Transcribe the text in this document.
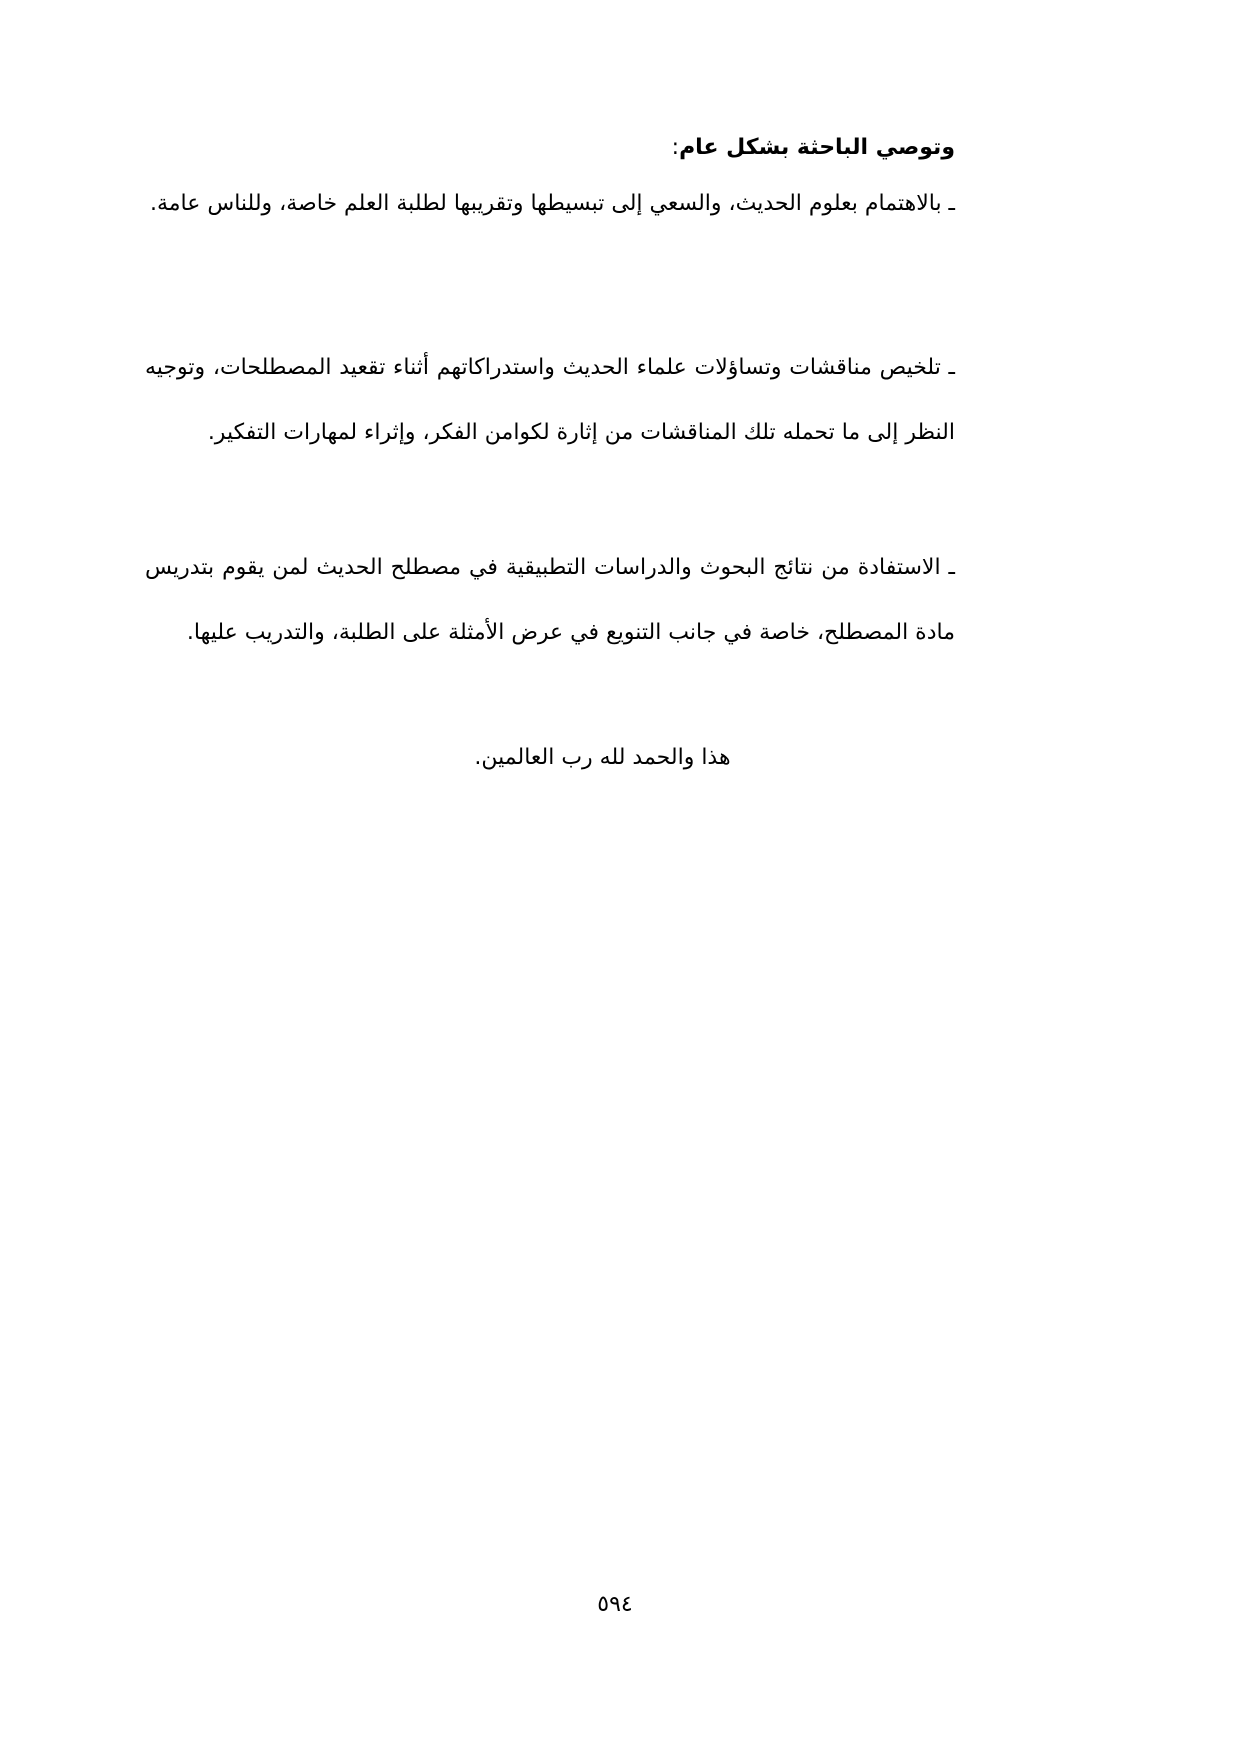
وتوصي الباحثة بشكل عام:

ـ بالاهتمام بعلوم الحديث، والسعي إلى تبسيطها وتقريبها لطلبة العلم خاصة، وللناس عامة.

ـ تلخيص مناقشات وتساؤلات علماء الحديث واستدراكاتهم أثناء تقعيد المصطلحات، وتوجيه النظر إلى ما تحمله تلك المناقشات من إثارة لكوامن الفكر، وإثراء لمهارات التفكير.

ـ الاستفادة من نتائج البحوث والدراسات التطبيقية في مصطلح الحديث لمن يقوم بتدريس مادة المصطلح، خاصة في جانب التنويع في عرض الأمثلة على الطلبة، والتدريب عليها.

هذا والحمد لله رب العالمين.
٥٩٤
